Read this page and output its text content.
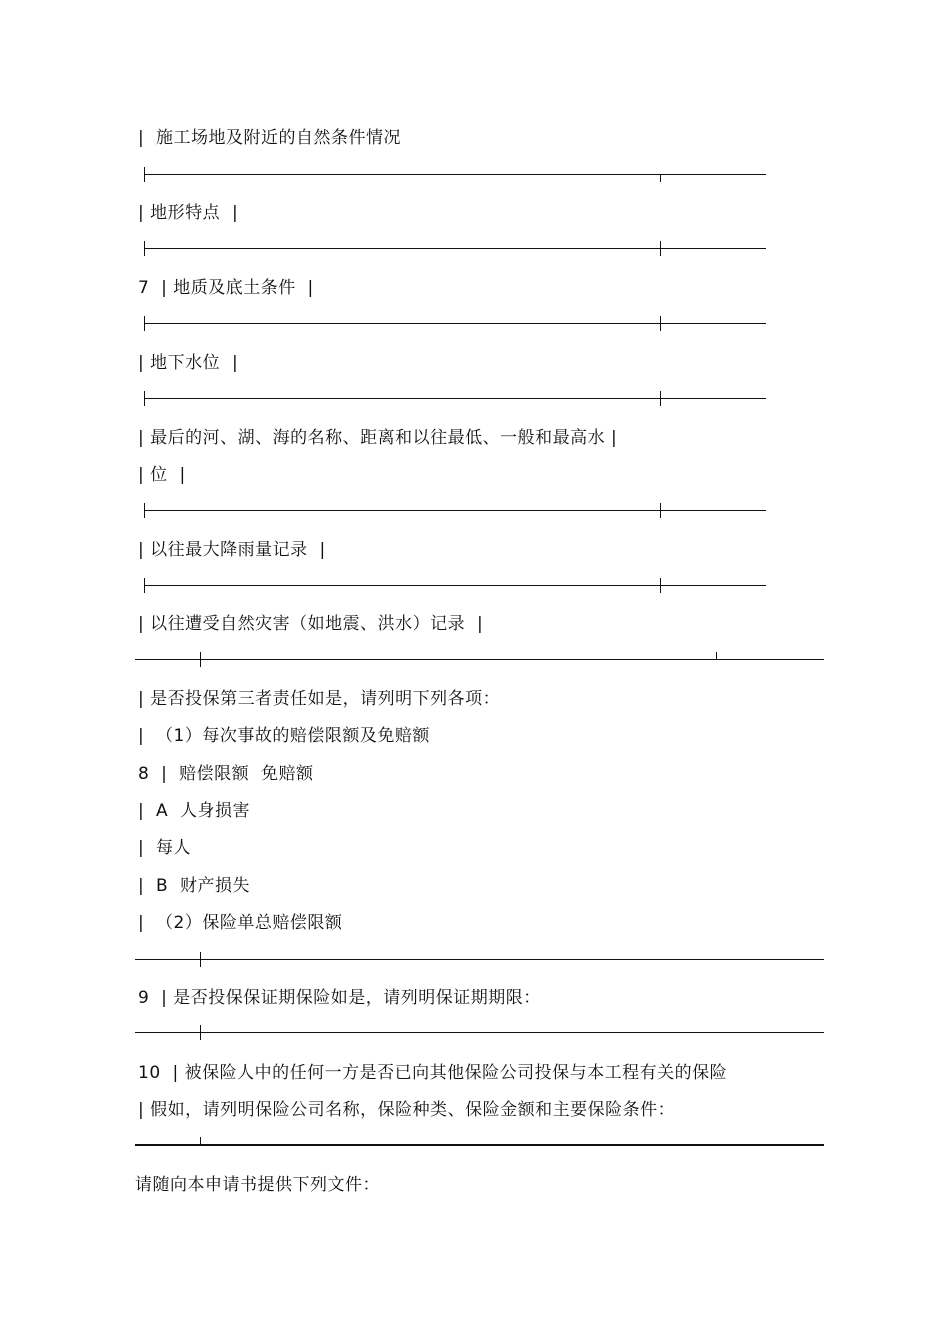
|  施工场地及附近的自然条件情况
| 地形特点  |
7  | 地质及底土条件  |
| 地下水位  |
| 最后的河、湖、海的名称、距离和以往最低、一般和最高水 |
| 位  |
| 以往最大降雨量记录  |
| 以往遭受自然灾害（如地震、洪水）记录  |
| 是否投保第三者责任如是，请列明下列各项：
|  （1）每次事故的赔偿限额及免赔额
8  |  赔偿限额  免赔额
|  A  人身损害
|  每人
|  B  财产损失
|  （2）保险单总赔偿限额
9  | 是否投保保证期保险如是，请列明保证期期限：
10  | 被保险人中的任何一方是否已向其他保险公司投保与本工程有关的保险
| 假如，请列明保险公司名称，保险种类、保险金额和主要保险条件：
请随向本申请书提供下列文件：
